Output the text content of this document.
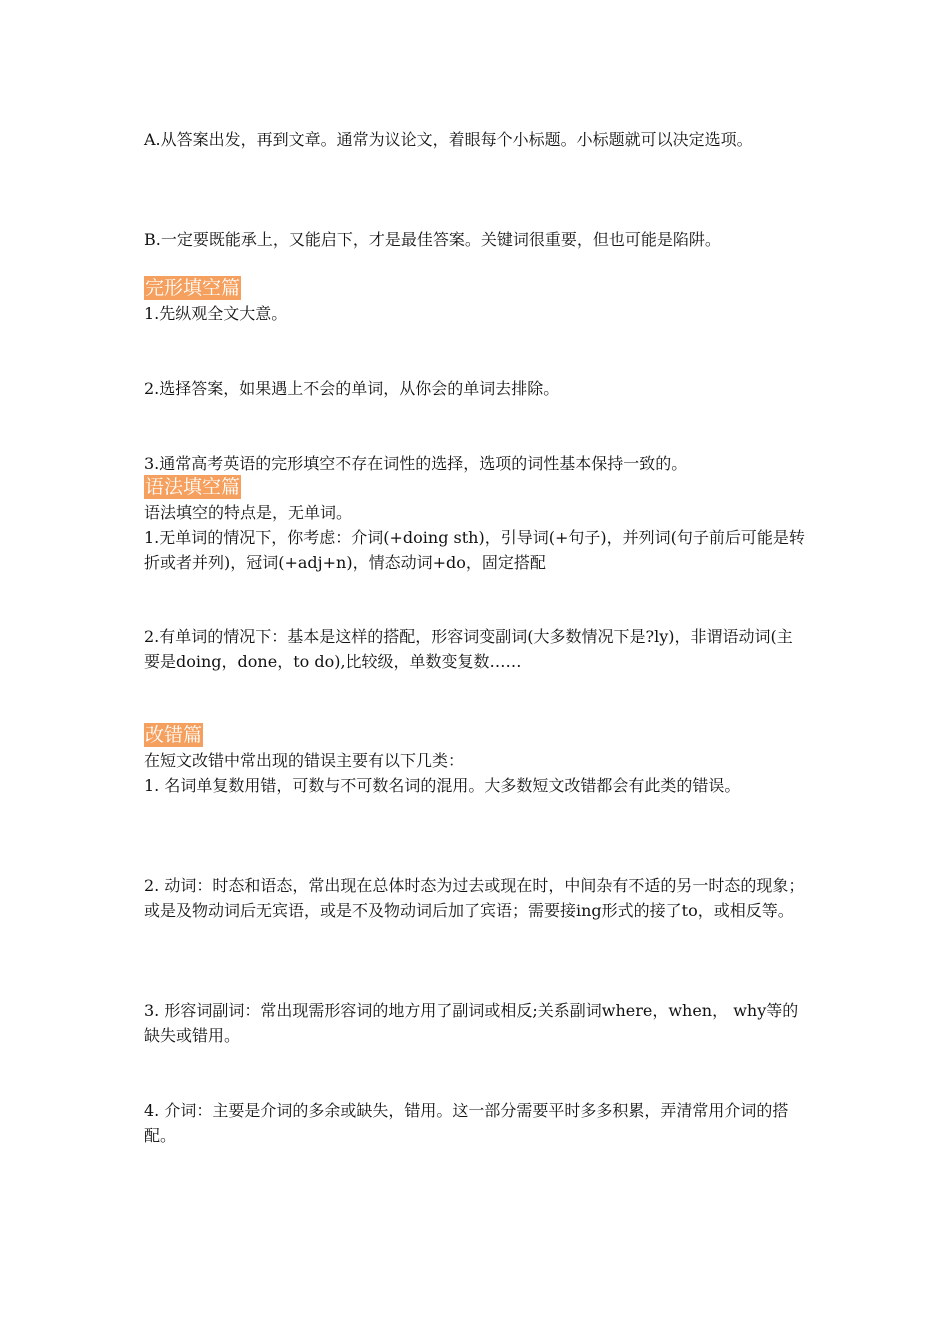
A.从答案出发，再到文章。通常为议论文，着眼每个小标题。小标题就可以决定选项。

B.一定要既能承上，又能启下，才是最佳答案。关键词很重要，但也可能是陷阱。

完形填空篇

1.先纵观全文大意。

2.选择答案，如果遇上不会的单词，从你会的单词去排除。

3.通常高考英语的完形填空不存在词性的选择，选项的词性基本保持一致的。

语法填空篇

语法填空的特点是，无单词。

1.无单词的情况下，你考虑：介词(+doing sth)，引导词(+句子)，并列词(句子前后可能是转折或者并列)，冠词(+adj+n)，情态动词+do，固定搭配

2.有单词的情况下：基本是这样的搭配，形容词变副词(大多数情况下是?ly)，非谓语动词(主要是doing，done，to do),比较级，单数变复数……

改错篇

在短文改错中常出现的错误主要有以下几类：

1. 名词单复数用错，可数与不可数名词的混用。大多数短文改错都会有此类的错误。

2. 动词：时态和语态，常出现在总体时态为过去或现在时，中间杂有不适的另一时态的现象；或是及物动词后无宾语，或是不及物动词后加了宾语；需要接ing形式的接了to，或相反等。

3. 形容词副词：常出现需形容词的地方用了副词或相反;关系副词where，when， why等的缺失或错用。

4. 介词：主要是介词的多余或缺失，错用。这一部分需要平时多多积累，弄清常用介词的搭配。
